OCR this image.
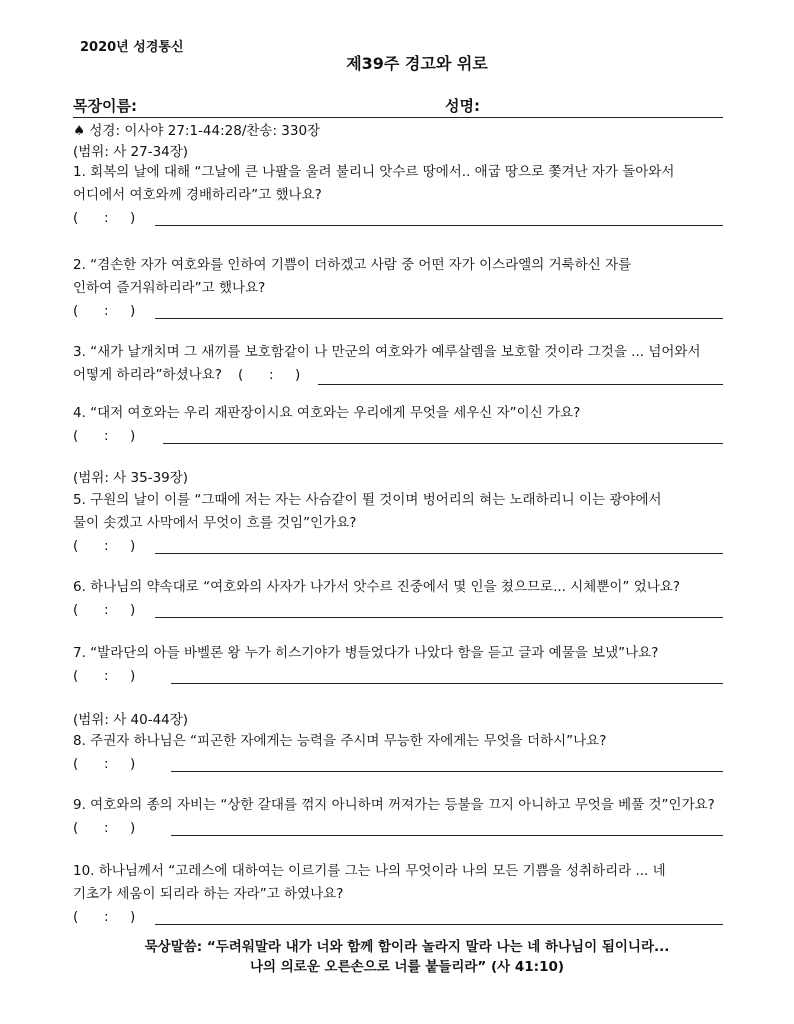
2020년 성경통신
제39주 경고와 위로
목장이름:	성명:
♠ 성경: 이사야 27:1-44:28/찬송: 330장
(범위: 사 27-34장)
1. 회복의 날에 대해 “그날에 큰 나팔을 울려 불리니 앗수르 땅에서.. 애굽 땅으로 쫓겨난 자가 돌아와서
어디에서 여호와께 경배하리라”고 했나요?
(      :     )
2. “겸손한 자가 여호와를 인하여 기쁨이 더하겠고 사람 중 어떤 자가 이스라엘의 거룩하신 자를
인하여 즐거워하리라”고 했나요?
(      :     )
3. “새가 날개치며 그 새끼를 보호함같이 나 만군의 여호와가 예루살렘을 보호할 것이라 그것을 ... 넘어와서
어떻게 하리라”하셨나요? (      :     )
4. “대저 여호와는 우리 재판장이시요 여호와는 우리에게 무엇을 세우신 자”이신 가요?
(      :     )
(범위: 사 35-39장)
5. 구원의 날이 이를 “그때에 저는 자는 사슴같이 뛸 것이며 벙어리의 혀는 노래하리니 이는 광야에서
물이 솟겠고 사막에서 무엇이 흐를 것임”인가요?
(      :     )
6. 하나님의 약속대로 “여호와의 사자가 나가서 앗수르 진중에서 몇 인을 쳤으므로... 시체뿐이” 었나요?
(      :     )
7. “발라단의 아들 바벨론 왕 누가 히스기야가 병들었다가 나았다 함을 듣고 글과 예물을 보냈”나요?
(      :     )
(범위: 사 40-44장)
8. 주권자 하나님은 “피곤한 자에게는 능력을 주시며 무능한 자에게는 무엇을 더하시”나요?
(      :     )
9. 여호와의 종의 자비는 “상한 갈대를 꺾지 아니하며 꺼져가는 등불을 끄지 아니하고 무엇을 베풀 것”인가요?
(      :     )
10. 하나님께서 “고레스에 대하여는 이르기를 그는 나의 무엇이라 나의 모든 기쁨을 성취하리라 ... 네
기초가 세움이 되리라 하는 자라”고 하였나요?
(      :     )
묵상말씀: “두려워말라 내가 너와 함께 함이라 놀라지 말라 나는 네 하나님이 됨이니라...
나의 의로운 오른손으로 너를 붙들리라” (사 41:10)
